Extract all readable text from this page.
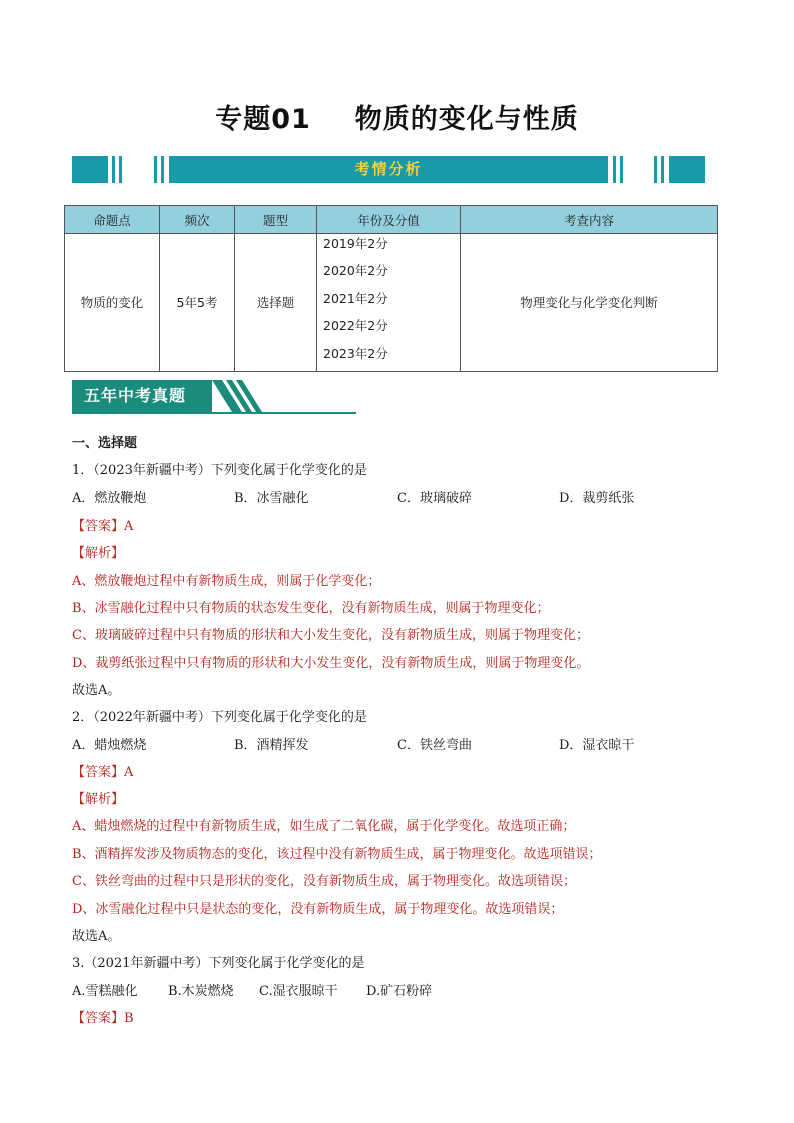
专题01 物质的变化与性质
考情分析
命题点	频次	题型	年份及分值	考查内容
物质的变化	5年5考	选择题	2019年2分
2020年2分
2021年2分
2022年2分
2023年2分	物理变化与化学变化判断
五年中考真题
一、选择题
1．（2023年新疆中考）下列变化属于化学变化的是
A．燃放鞭炮	B．冰雪融化	C．玻璃破碎	D．裁剪纸张
【答案】A
【解析】
A、燃放鞭炮过程中有新物质生成，则属于化学变化；
B、冰雪融化过程中只有物质的状态发生变化，没有新物质生成，则属于物理变化；
C、玻璃破碎过程中只有物质的形状和大小发生变化，没有新物质生成，则属于物理变化；
D、裁剪纸张过程中只有物质的形状和大小发生变化，没有新物质生成，则属于物理变化。
故选A。
2．（2022年新疆中考）下列变化属于化学变化的是
A．蜡烛燃烧	B．酒精挥发	C．铁丝弯曲	D．湿衣晾干
【答案】A
【解析】
A、蜡烛燃烧的过程中有新物质生成，如生成了二氧化碳，属于化学变化。故选项正确；
B、酒精挥发涉及物质物态的变化，该过程中没有新物质生成，属于物理变化。故选项错误；
C、铁丝弯曲的过程中只是形状的变化，没有新物质生成，属于物理变化。故选项错误；
D、冰雪融化过程中只是状态的变化，没有新物质生成，属于物理变化。故选项错误；
故选A。
3.（2021年新疆中考）下列变化属于化学变化的是
A.雪糕融化 B.木炭燃烧 C.湿衣服晾干 D.矿石粉碎
【答案】B
